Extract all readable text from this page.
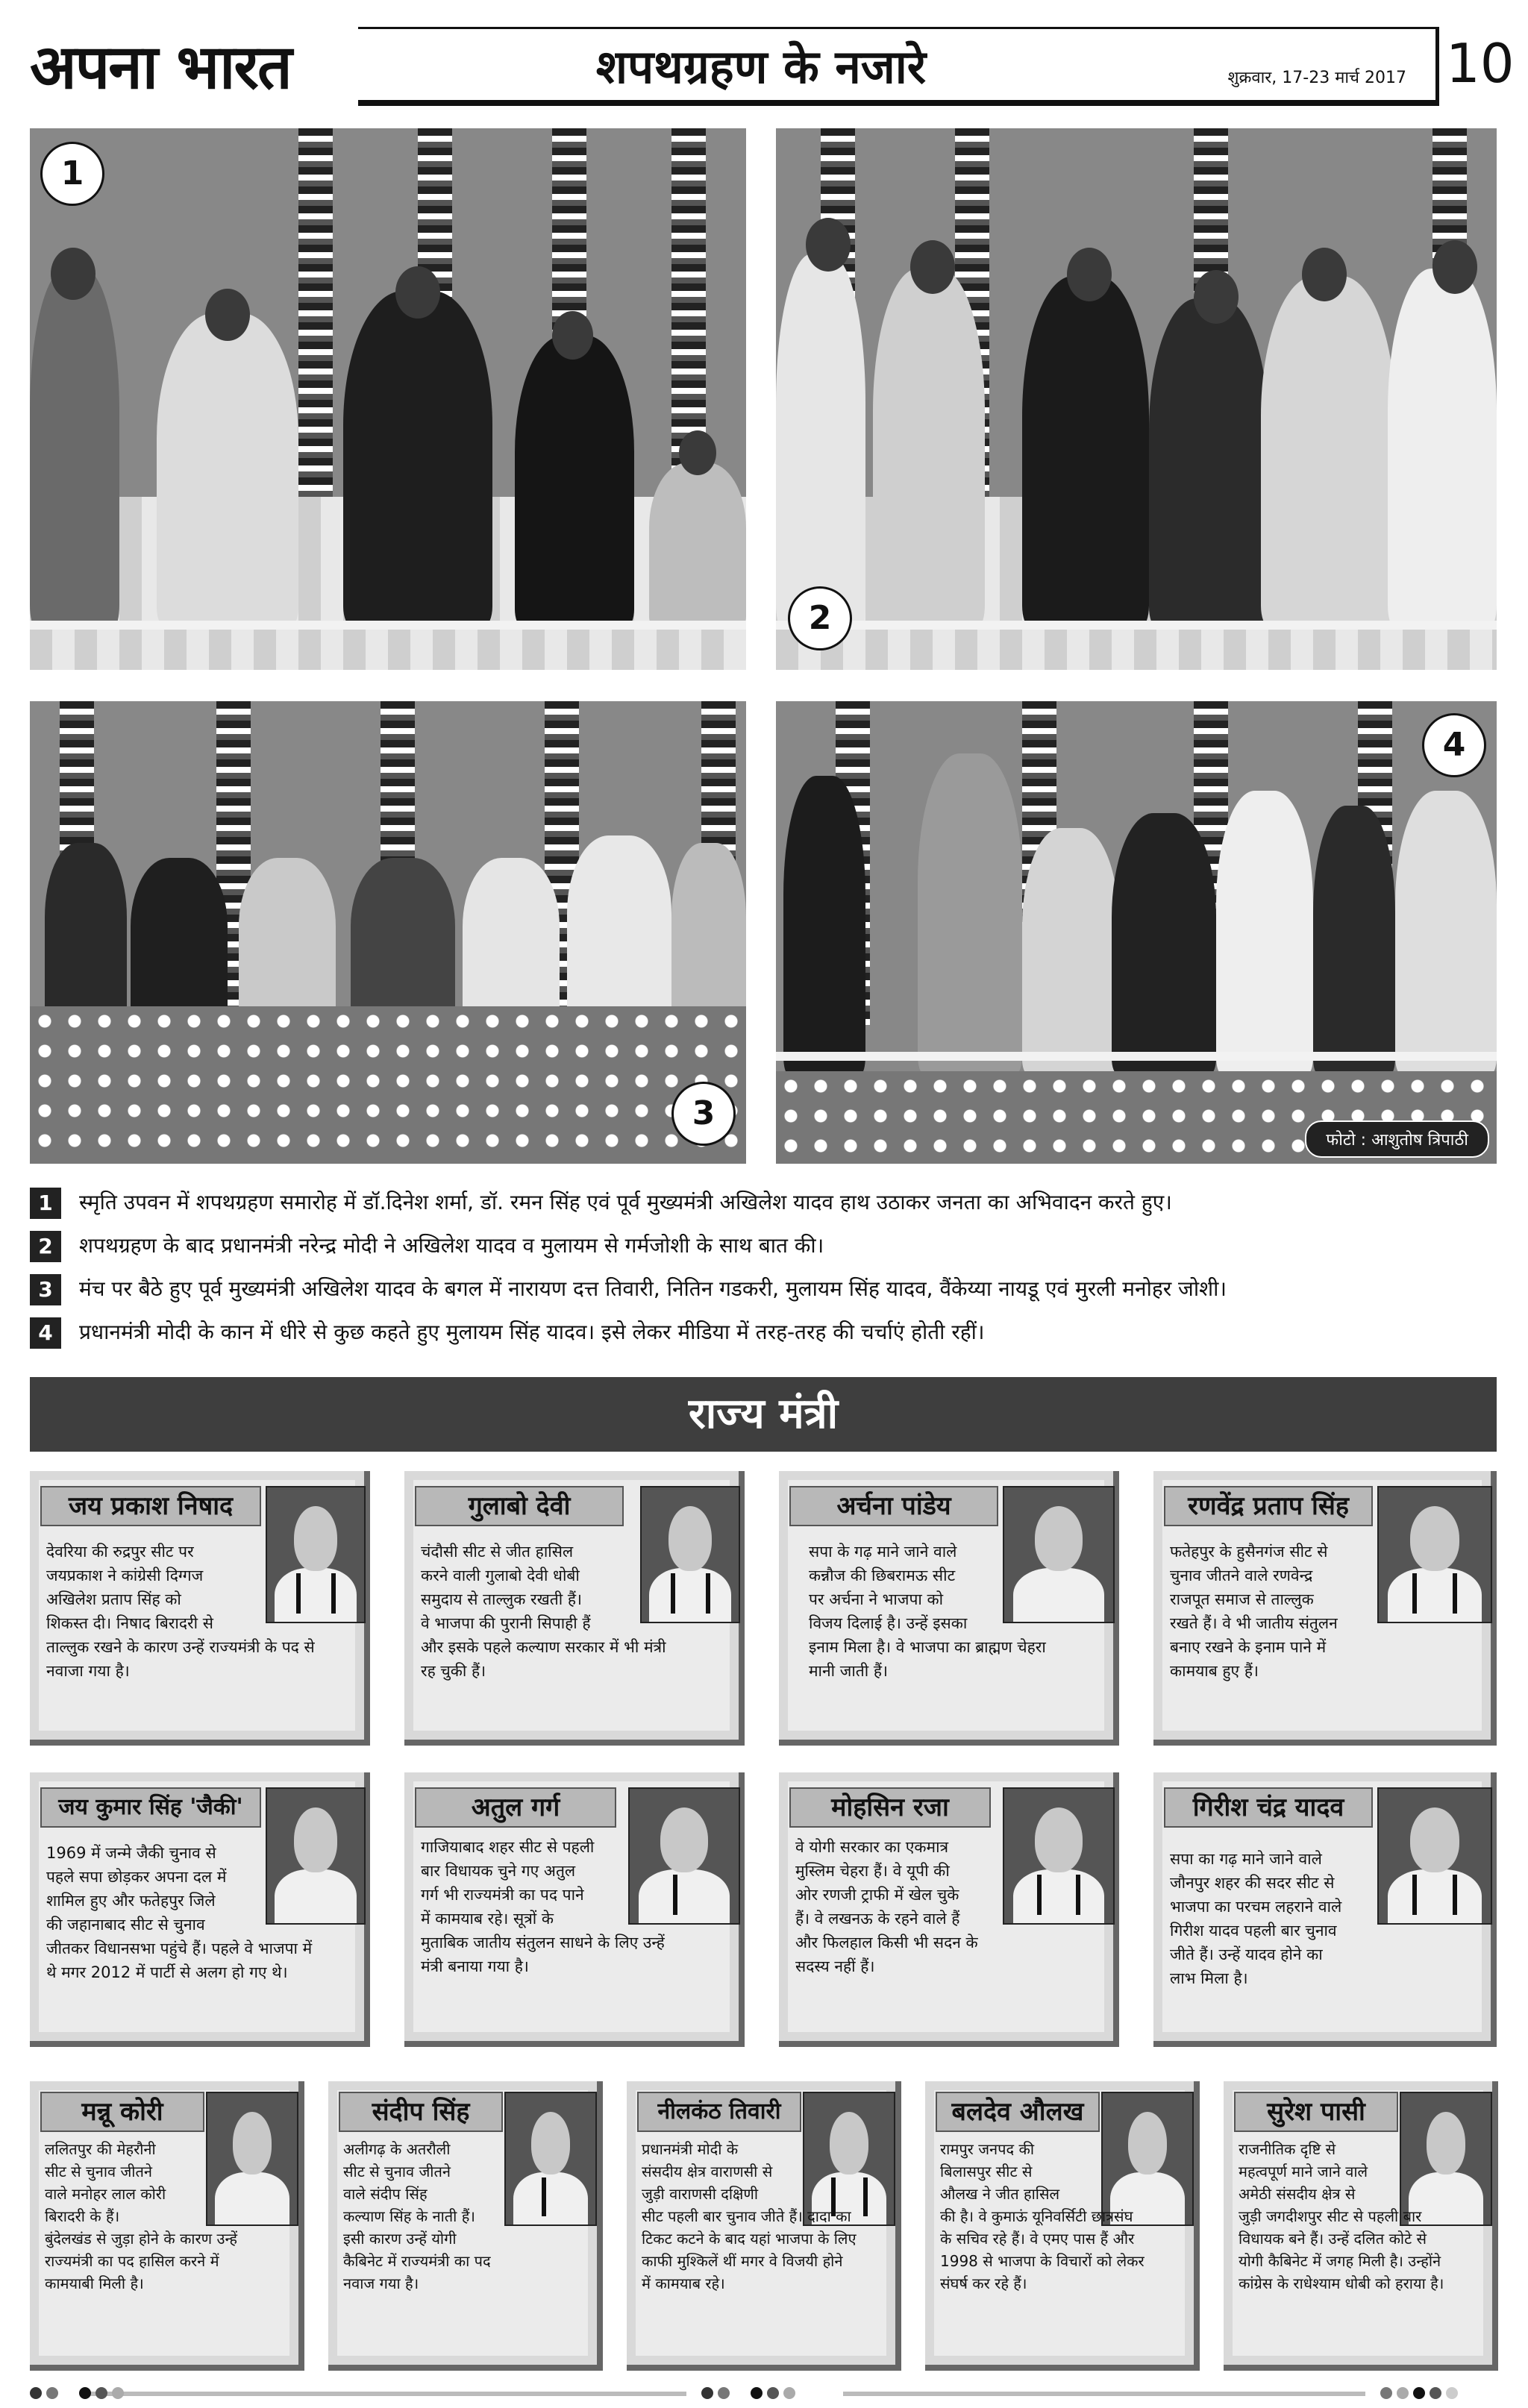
अपना भारत	शपथग्रहण के नजारे	शुक्रवार, 17-23 मार्च 2017 10
1
2
3
4
फोटो : आशुतोष त्रिपाठी
1	स्मृति उपवन में शपथग्रहण समारोह में डॉ.दिनेश शर्मा, डॉ. रमन सिंह एवं पूर्व मुख्यमंत्री अखिलेश यादव हाथ उठाकर जनता का अभिवादन करते हुए।
2	शपथग्रहण के बाद प्रधानमंत्री नरेन्द्र मोदी ने अखिलेश यादव व मुलायम से गर्मजोशी के साथ बात की।
3	मंच पर बैठे हुए पूर्व मुख्यमंत्री अखिलेश यादव के बगल में नारायण दत्त तिवारी, नितिन गडकरी, मुलायम सिंह यादव, वैंकेय्या नायडू एवं मुरली मनोहर जोशी।
4	प्रधानमंत्री मोदी के कान में धीरे से कुछ कहते हुए मुलायम सिंह यादव। इसे लेकर मीडिया में तरह-तरह की चर्चाएं होती रहीं।
राज्य मंत्री
जय प्रकाश निषाद
देवरिया की रुद्रपुर सीट पर
जयप्रकाश ने कांग्रेसी दिग्गज
अखिलेश प्रताप सिंह को
शिकस्त दी। निषाद बिरादरी से
ताल्लुक रखने के कारण उन्हें राज्यमंत्री के पद से
नवाजा गया है।
गुलाबो देवी
चंदौसी सीट से जीत हासिल
करने वाली गुलाबो देवी धोबी
समुदाय से ताल्लुक रखती हैं।
वे भाजपा की पुरानी सिपाही हैं
और इसके पहले कल्याण सरकार में भी मंत्री
रह चुकी हैं।
अर्चना पांडेय
सपा के गढ़ माने जाने वाले
कन्नौज की छिबरामऊ सीट
पर अर्चना ने भाजपा को
विजय दिलाई है। उन्हें इसका
इनाम मिला है। वे भाजपा का ब्राह्मण चेहरा
मानी जाती हैं।
रणवेंद्र प्रताप सिंह
फतेहपुर के हुसैनगंज सीट से
चुनाव जीतने वाले रणवेन्द्र
राजपूत समाज से ताल्लुक
रखते हैं। वे भी जातीय संतुलन
बनाए रखने के इनाम पाने में
कामयाब हुए हैं।
जय कुमार सिंह 'जैकी'
1969 में जन्मे जैकी चुनाव से
पहले सपा छोड़कर अपना दल में
शामिल हुए और फतेहपुर जिले
की जहानाबाद सीट से चुनाव
जीतकर विधानसभा पहुंचे हैं। पहले वे भाजपा में
थे मगर 2012 में पार्टी से अलग हो गए थे।
अतुल गर्ग
गाजियाबाद शहर सीट से पहली
बार विधायक चुने गए अतुल
गर्ग भी राज्यमंत्री का पद पाने
में कामयाब रहे। सूत्रों के
मुताबिक जातीय संतुलन साधने के लिए उन्हें
मंत्री बनाया गया है।
मोहसिन रजा
वे योगी सरकार का एकमात्र
मुस्लिम चेहरा हैं। वे यूपी की
ओर रणजी ट्राफी में खेल चुके
हैं। वे लखनऊ के रहने वाले हैं
और फिलहाल किसी भी सदन के
सदस्य नहीं हैं।
गिरीश चंद्र यादव
सपा का गढ़ माने जाने वाले
जौनपुर शहर की सदर सीट से
भाजपा का परचम लहराने वाले
गिरीश यादव पहली बार चुनाव
जीते हैं। उन्हें यादव होने का
लाभ मिला है।
मन्नू कोरी
ललितपुर की मेहरौनी
सीट से चुनाव जीतने
वाले मनोहर लाल कोरी
बिरादरी के हैं।
बुंदेलखंड से जुड़ा होने के कारण उन्हें
राज्यमंत्री का पद हासिल करने में
कामयाबी मिली है।
संदीप सिंह
अलीगढ़ के अतरौली
सीट से चुनाव जीतने
वाले संदीप सिंह
कल्याण सिंह के नाती हैं।
इसी कारण उन्हें योगी
कैबिनेट में राज्यमंत्री का पद
नवाज गया है।
नीलकंठ तिवारी
प्रधानमंत्री मोदी के
संसदीय क्षेत्र वाराणसी से
जुड़ी वाराणसी दक्षिणी
सीट पहली बार चुनाव जीते हैं। दादा का
टिकट कटने के बाद यहां भाजपा के लिए
काफी मुश्किलें थीं मगर वे विजयी होने
में कामयाब रहे।
बलदेव औलख
रामपुर जनपद की
बिलासपुर सीट से
औलख ने जीत हासिल
की है। वे कुमाऊं यूनिवर्सिटी छात्रसंघ
के सचिव रहे हैं। वे एमए पास हैं और
1998 से भाजपा के विचारों को लेकर
संघर्ष कर रहे हैं।
सुरेश पासी
राजनीतिक दृष्टि से
महत्वपूर्ण माने जाने वाले
अमेठी संसदीय क्षेत्र से
जुड़ी जगदीशपुर सीट से पहली बार
विधायक बने हैं। उन्हें दलित कोटे से
योगी कैबिनेट में जगह मिली है। उन्होंने
कांग्रेस के राधेश्याम धोबी को हराया है।
